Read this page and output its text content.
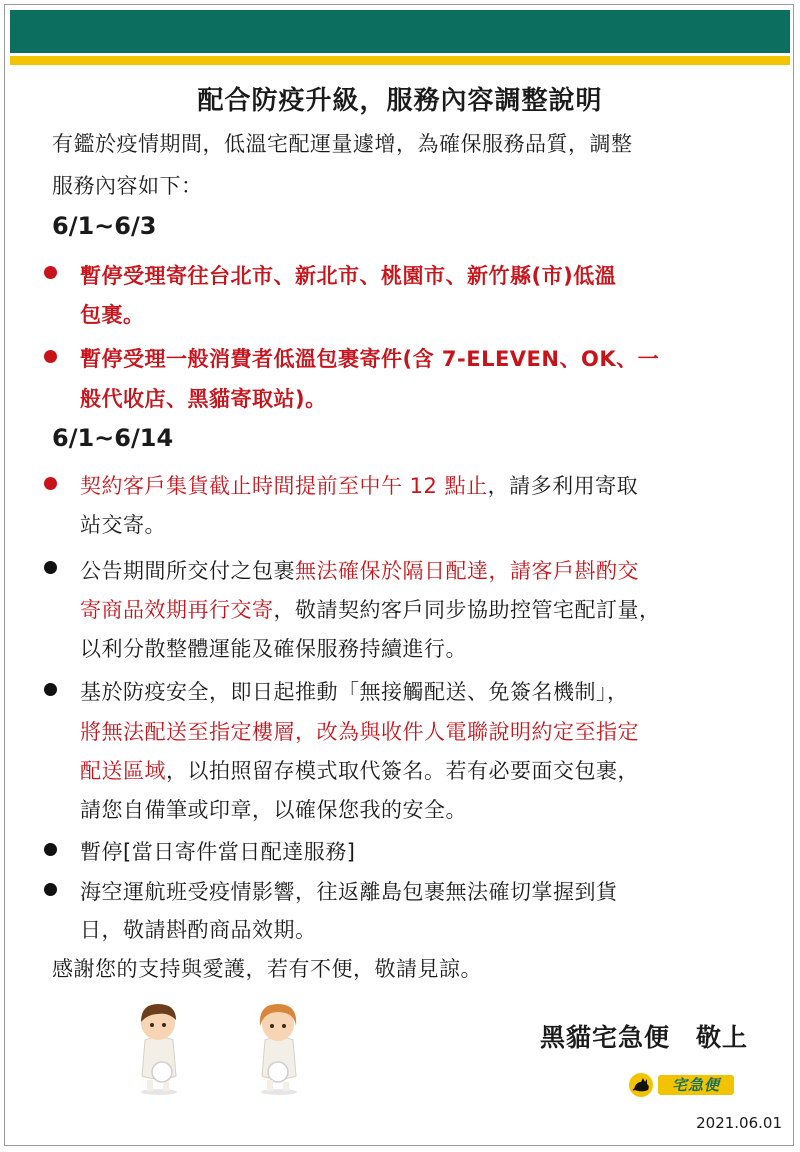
配合防疫升級，服務內容調整說明
有鑑於疫情期間，低溫宅配運量遽增，為確保服務品質，調整
服務內容如下：
6/1~6/3
暫停受理寄往台北市、新北市、桃園市、新竹縣(市)低溫
包裹。
暫停受理一般消費者低溫包裹寄件(含 7-ELEVEN、OK、一
般代收店、黑貓寄取站)。
6/1~6/14
契約客戶集貨截止時間提前至中午 12 點止，請多利用寄取
站交寄。
公告期間所交付之包裹無法確保於隔日配達，請客戶斟酌交
寄商品效期再行交寄，敬請契約客戶同步協助控管宅配訂量，
以利分散整體運能及確保服務持續進行。
基於防疫安全，即日起推動「無接觸配送、免簽名機制」，
將無法配送至指定樓層，改為與收件人電聯說明約定至指定
配送區域，以拍照留存模式取代簽名。若有必要面交包裹，
請您自備筆或印章，以確保您我的安全。
暫停[當日寄件當日配達服務]
海空運航班受疫情影響，往返離島包裹無法確切掌握到貨
日，敬請斟酌商品效期。
感謝您的支持與愛護，若有不便，敬請見諒。
黑貓宅急便　敬上
宅急便
2021.06.01
